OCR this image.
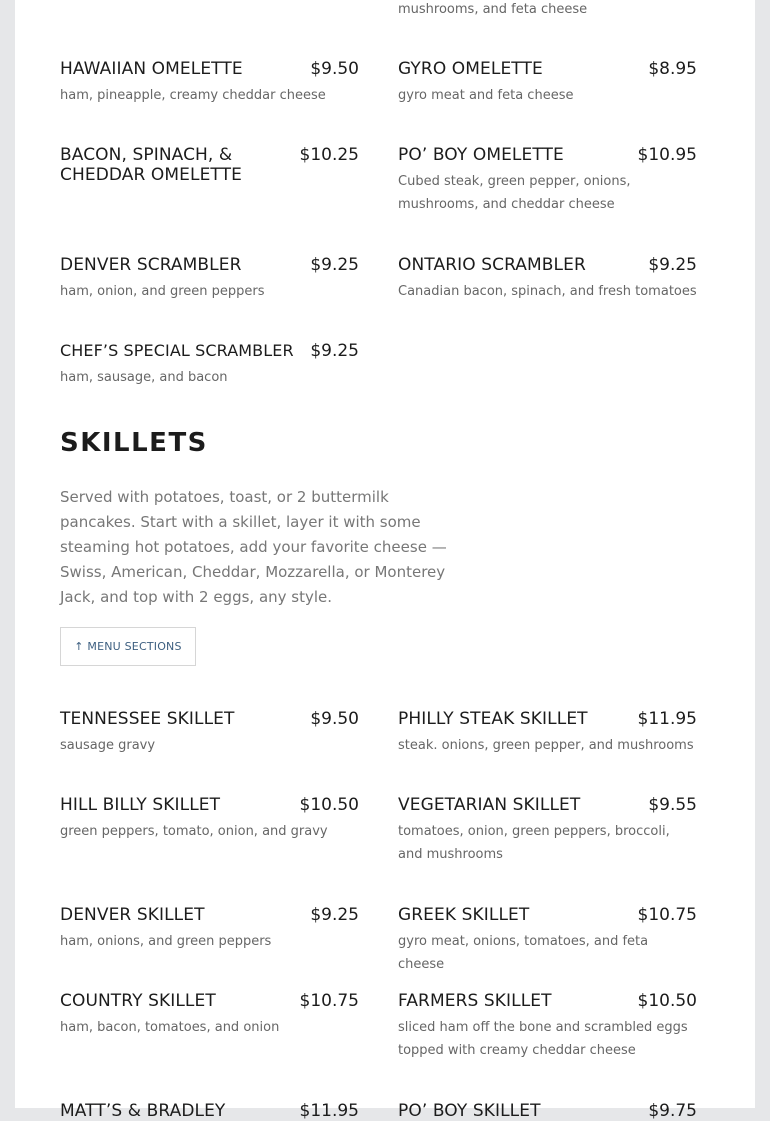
mushrooms, and feta cheese
HAWAIIAN OMELETTE	$9.50
ham, pineapple, creamy cheddar cheese
GYRO OMELETTE	$8.95
gyro meat and feta cheese
BACON, SPINACH, & CHEDDAR OMELETTE
$10.25 PO’ BOY OMELETTE	$10.95
Cubed steak, green pepper, onions, mushrooms, and cheddar cheese
DENVER SCRAMBLER	$9.25
ham, onion, and green peppers
ONTARIO SCRAMBLER	$9.25
Canadian bacon, spinach, and fresh tomatoes
CHEF’S SPECIAL SCRAMBLER $9.25
ham, sausage, and bacon
SKILLETS

Served with potatoes, toast, or 2 buttermilk pancakes. Start with a skillet, layer it with some steaming hot potatoes, add your favorite cheese — Swiss, American, Cheddar, Mozzarella, or Monterey Jack, and top with 2 eggs, any style.

↑ MENU SECTIONS
TENNESSEE SKILLET	$9.50
sausage gravy
PHILLY STEAK SKILLET	$11.95
steak. onions, green pepper, and mushrooms
HILL BILLY SKILLET	$10.50
green peppers, tomato, onion, and gravy
VEGETARIAN SKILLET	$9.55
tomatoes, onion, green peppers, broccoli, and mushrooms
DENVER SKILLET	$9.25
ham, onions, and green peppers
GREEK SKILLET	$10.75
gyro meat, onions, tomatoes, and feta cheese
COUNTRY SKILLET	$10.75
ham, bacon, tomatoes, and onion
FARMERS SKILLET	$10.50
sliced ham off the bone and scrambled eggs topped with creamy cheddar cheese
MATT’S & BRADLEY	$11.95 PO’ BOY SKILLET	$9.75
